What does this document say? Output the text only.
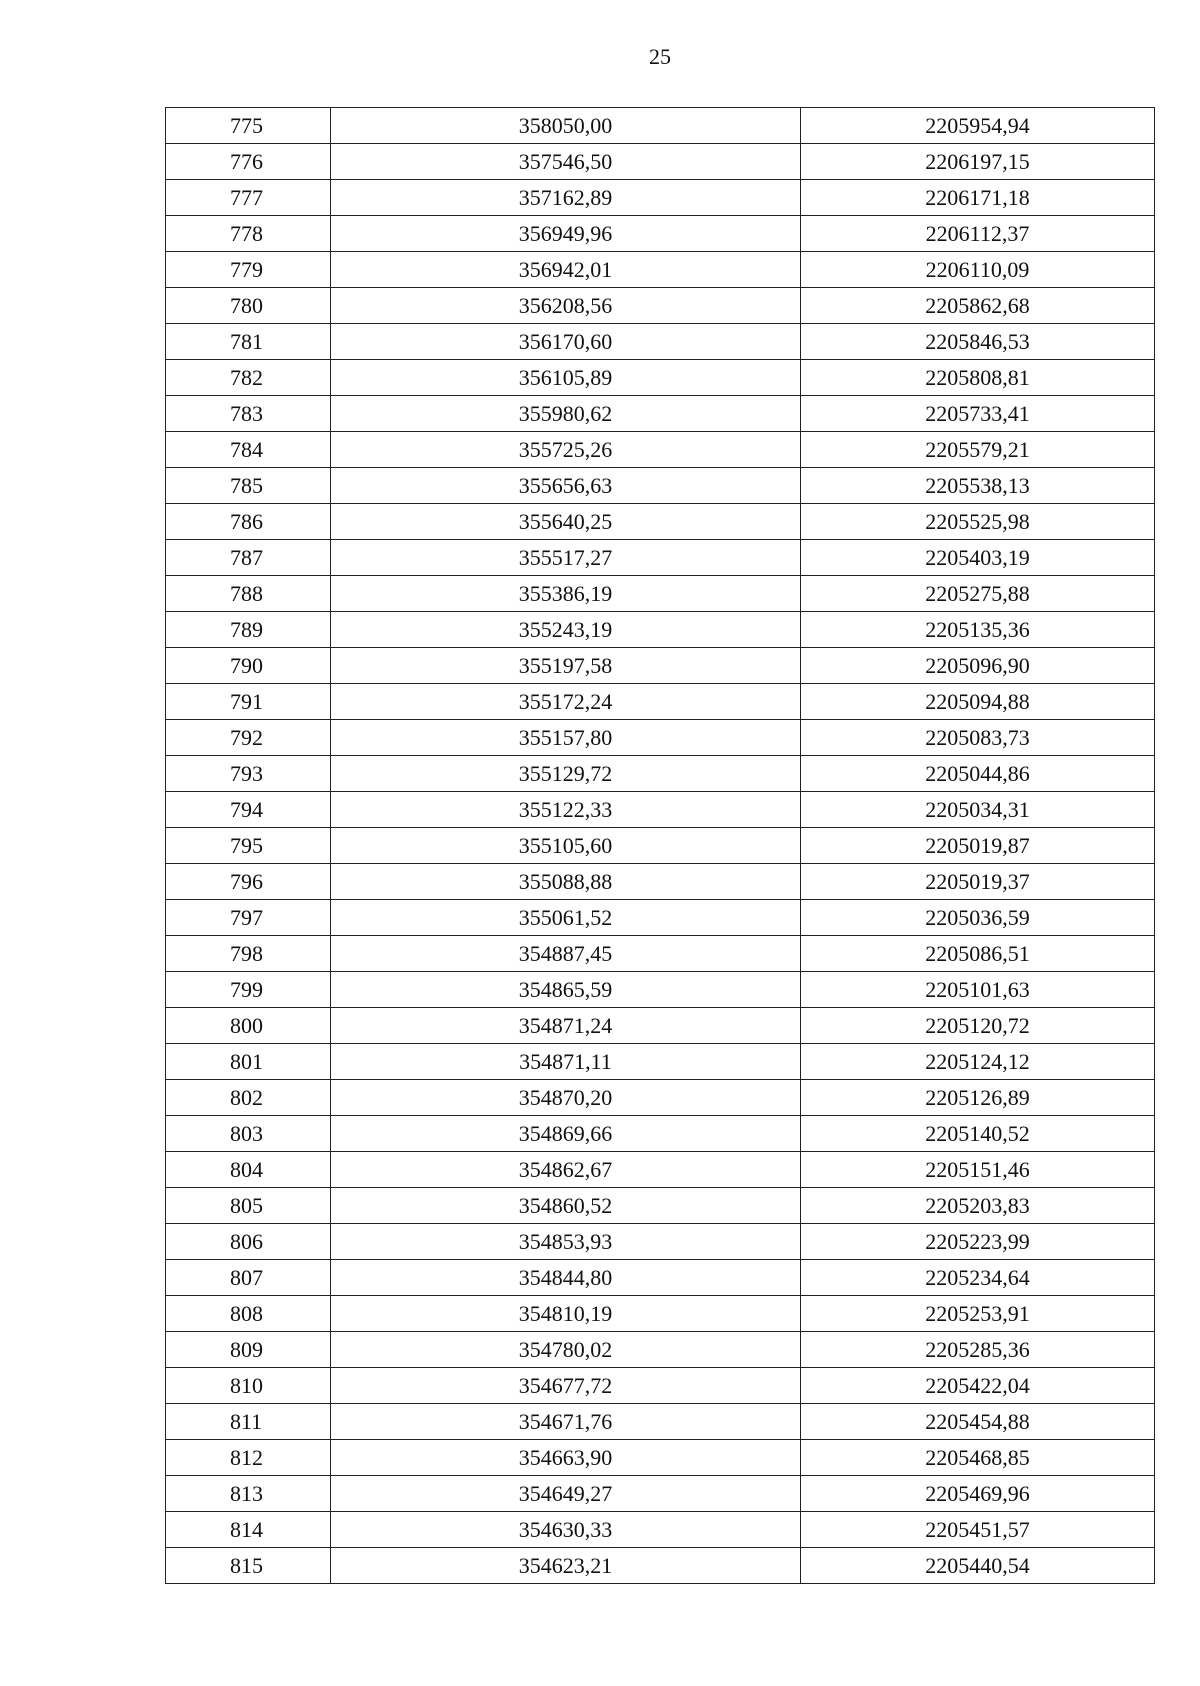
25
775	358050,00	2205954,94
776	357546,50	2206197,15
777	357162,89	2206171,18
778	356949,96	2206112,37
779	356942,01	2206110,09
780	356208,56	2205862,68
781	356170,60	2205846,53
782	356105,89	2205808,81
783	355980,62	2205733,41
784	355725,26	2205579,21
785	355656,63	2205538,13
786	355640,25	2205525,98
787	355517,27	2205403,19
788	355386,19	2205275,88
789	355243,19	2205135,36
790	355197,58	2205096,90
791	355172,24	2205094,88
792	355157,80	2205083,73
793	355129,72	2205044,86
794	355122,33	2205034,31
795	355105,60	2205019,87
796	355088,88	2205019,37
797	355061,52	2205036,59
798	354887,45	2205086,51
799	354865,59	2205101,63
800	354871,24	2205120,72
801	354871,11	2205124,12
802	354870,20	2205126,89
803	354869,66	2205140,52
804	354862,67	2205151,46
805	354860,52	2205203,83
806	354853,93	2205223,99
807	354844,80	2205234,64
808	354810,19	2205253,91
809	354780,02	2205285,36
810	354677,72	2205422,04
811	354671,76	2205454,88
812	354663,90	2205468,85
813	354649,27	2205469,96
814	354630,33	2205451,57
815	354623,21	2205440,54
